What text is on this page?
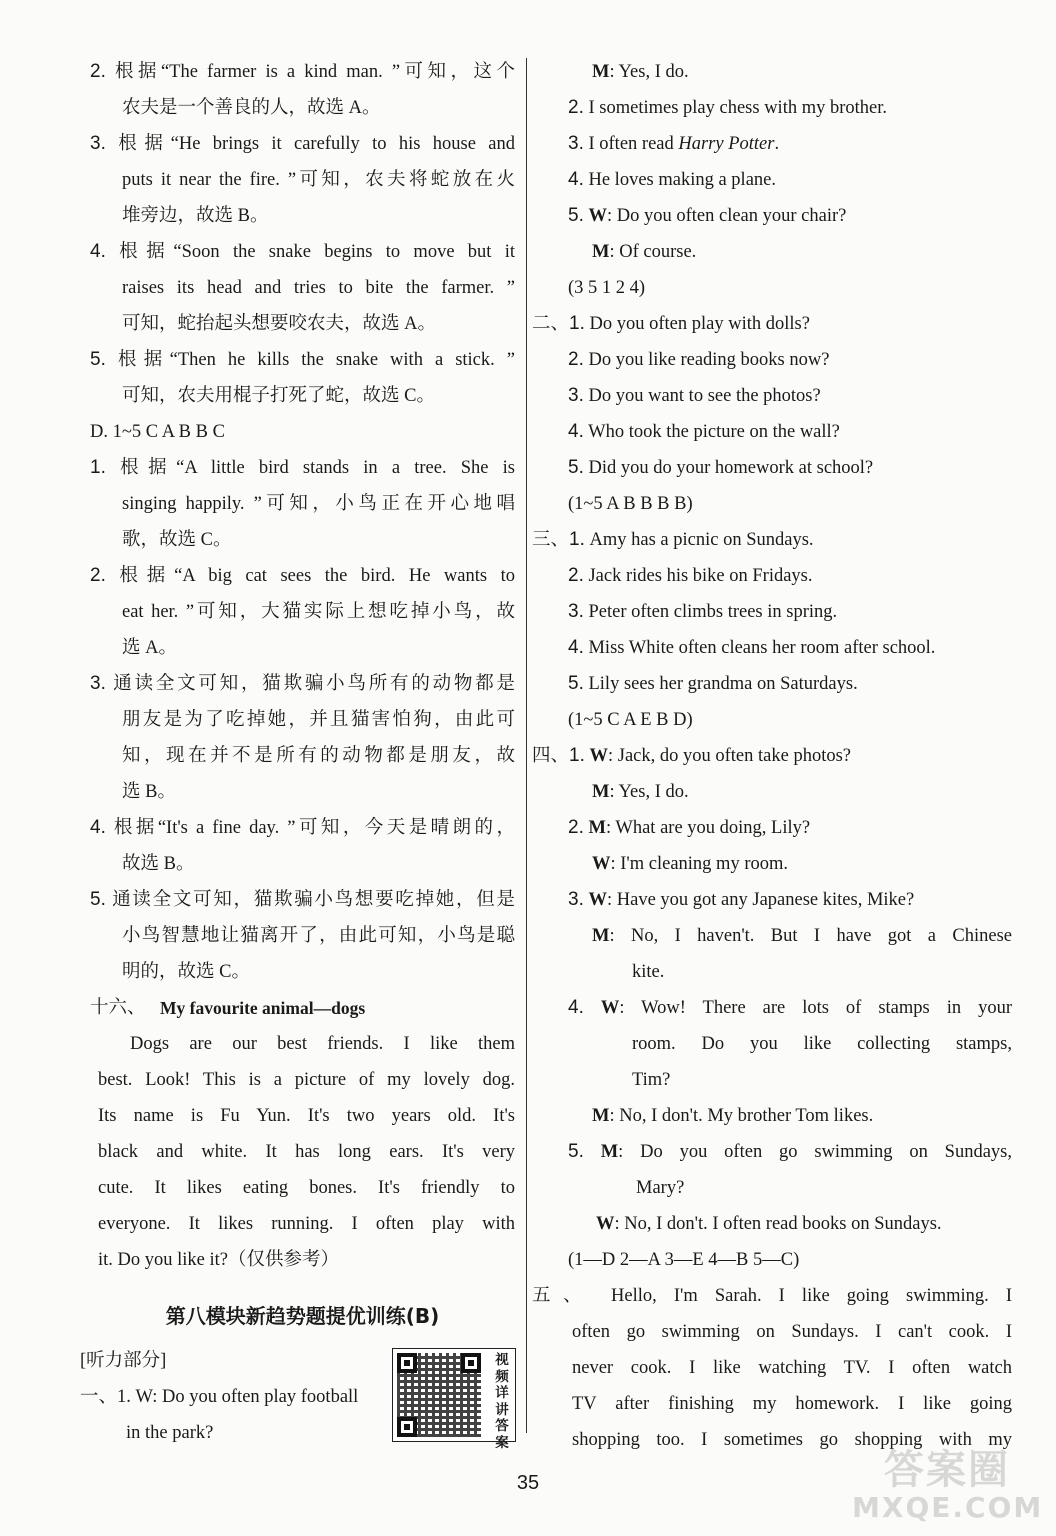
2. 根据“The farmer is a kind man. ”可知，这个
农夫是一个善良的人，故选 A。
3. 根据“He brings it carefully to his house and
puts it near the fire. ”可知，农夫将蛇放在火
堆旁边，故选 B。
4. 根据“Soon the snake begins to move but it
raises its head and tries to bite the farmer. ”
可知，蛇抬起头想要咬农夫，故选 A。
5. 根据“Then he kills the snake with a stick. ”
可知，农夫用棍子打死了蛇，故选 C。
D. 1~5 C A B B C
1. 根据“A little bird stands in a tree. She is
singing happily. ”可知，小鸟正在开心地唱
歌，故选 C。
2. 根据“A big cat sees the bird. He wants to
eat her. ”可知，大猫实际上想吃掉小鸟，故
选 A。
3. 通读全文可知，猫欺骗小鸟所有的动物都是
朋友是为了吃掉她，并且猫害怕狗，由此可
知，现在并不是所有的动物都是朋友，故
选 B。
4. 根据“It's a fine day. ”可知，今天是晴朗的，
故选 B。
5. 通读全文可知，猫欺骗小鸟想要吃掉她，但是
小鸟智慧地让猫离开了，由此可知，小鸟是聪
明的，故选 C。
十六、 My favourite animal—dogs
Dogs are our best friends. I like them
best. Look! This is a picture of my lovely dog.
Its name is Fu Yun. It's two years old. It's
black and white. It has long ears. It's very
cute. It likes eating bones. It's friendly to
everyone. It likes running. I often play with
it. Do you like it?（仅供参考）
第八模块新趋势题提优训练(B)
[听力部分]
一、1. W: Do you often play football
in the park?
视
频
详
讲
答
案
M: Yes, I do.
2. I sometimes play chess with my brother.
3. I often read Harry Potter.
4. He loves making a plane.
5. W: Do you often clean your chair?
M: Of course.
(3 5 1 2 4)
二、1. Do you often play with dolls?
2. Do you like reading books now?
3. Do you want to see the photos?
4. Who took the picture on the wall?
5. Did you do your homework at school?
(1~5 A B B B B)
三、1. Amy has a picnic on Sundays.
2. Jack rides his bike on Fridays.
3. Peter often climbs trees in spring.
4. Miss White often cleans her room after school.
5. Lily sees her grandma on Saturdays.
(1~5 C A E B D)
四、1. W: Jack, do you often take photos?
M: Yes, I do.
2. M: What are you doing, Lily?
W: I'm cleaning my room.
3. W: Have you got any Japanese kites, Mike?
M: No, I haven't. But I have got a Chinese
kite.
4. W: Wow! There are lots of stamps in your
room. Do you like collecting stamps,
Tim?
M: No, I don't. My brother Tom likes.
5. M: Do you often go swimming on Sundays,
Mary?
W: No, I don't. I often read books on Sundays.
(1—D 2—A 3—E 4—B 5—C)
五、 Hello, I'm Sarah. I like going swimming. I
often go swimming on Sundays. I can't cook. I
never cook. I like watching TV. I often watch
TV after finishing my homework. I like going
shopping too. I sometimes go shopping with my
35	答案圈
MXQE.COM
